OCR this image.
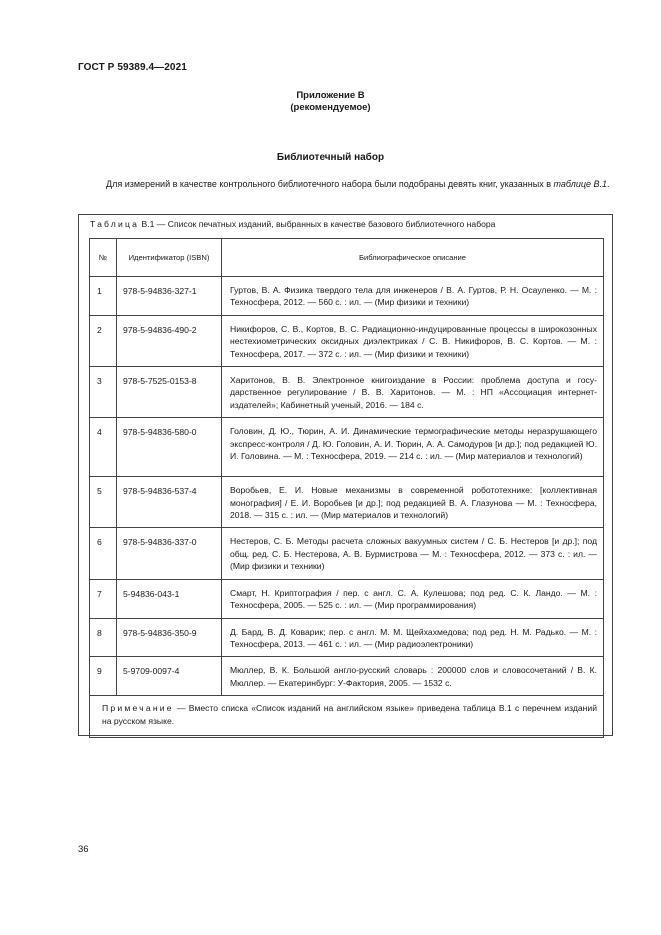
ГОСТ Р 59389.4—2021
Приложение В
(рекомендуемое)
Библиотечный набор
Для измерений в качестве контрольного библиотечного набора были подобраны девять книг, указанных в таблице В.1.
Таблица В.1 — Список печатных изданий, выбранных в качестве базового библиотечного набора
№	Идентификатор (ISBN)	Библиографическое описание
1	978-5-94836-327-1	Гуртов, В. А. Физика твердого тела для инженеров / В. А. Гуртов, Р. Н. Осауленко. — М. : Техносфера, 2012. — 560 с. : ил. — (Мир физики и техники)
2	978-5-94836-490-2	Никифоров, С. В., Кортов, В. С. Радиационно-индуцированные процессы в широкозонных нестехиометрических оксидных диэлектриках / С. В. Никифоров, В. С. Кортов. — М. : Техносфера, 2017. — 372 с. : ил. — (Мир физики и техники)
3	978-5-7525-0153-8	Харитонов, В. В. Электронное книгоиздание в России: проблема доступа и государственное регулирование / В. В. Харитонов. — М. : НП «Ассоциация интернет-издателей»; Кабинетный ученый, 2016. — 184 с.
4	978-5-94836-580-0	Головин, Д. Ю., Тюрин, А. И. Динамические термографические методы неразрушающего экспресс-контроля / Д. Ю. Головин, А. И. Тюрин, А. А. Самодуров [и др.]; под редакцией Ю. И. Головина. — М. : Техносфера, 2019. — 214 с. : ил. — (Мир материалов и технологий)
5	978-5-94836-537-4	Воробьев, Е. И. Новые механизмы в современной робототехнике: [коллективная монография] / Е. И. Воробьев [и др.]; под редакцией В. А. Глазунова — М. : Техносфера, 2018. — 315 с. : ил. — (Мир материалов и технологий)
6	978-5-94836-337-0	Нестеров, С. Б. Методы расчета сложных вакуумных систем / С. Б. Нестеров [и др.]; под общ. ред. С. Б. Нестерова, А. В. Бурмистрова — М. : Техносфера, 2012. — 373 с. : ил. — (Мир физики и техники)
7	5-94836-043-1	Смарт, Н. Криптография / пер. с англ. С. А. Кулешова; под ред. С. К. Ландо. — М. : Техносфера, 2005. — 525 с. : ил. — (Мир программирования)
8	978-5-94836-350-9	Д. Бард, В. Д. Коварик; пер. с англ. М. М. Щейхахмедова; под ред. Н. М. Радько. — М. : Техносфера, 2013. — 461 с. : ил. — (Мир радиоэлектроники)
9	5-9709-0097-4	Мюллер, В. К. Большой англо-русский словарь : 200000 слов и словосочетаний / В. К. Мюллер. — Екатеринбург: У-Фактория, 2005. — 1532 с.
Примечание — Вместо списка «Список изданий на английском языке» приведена таблица В.1 с перечнем изданий на русском языке.		
36
